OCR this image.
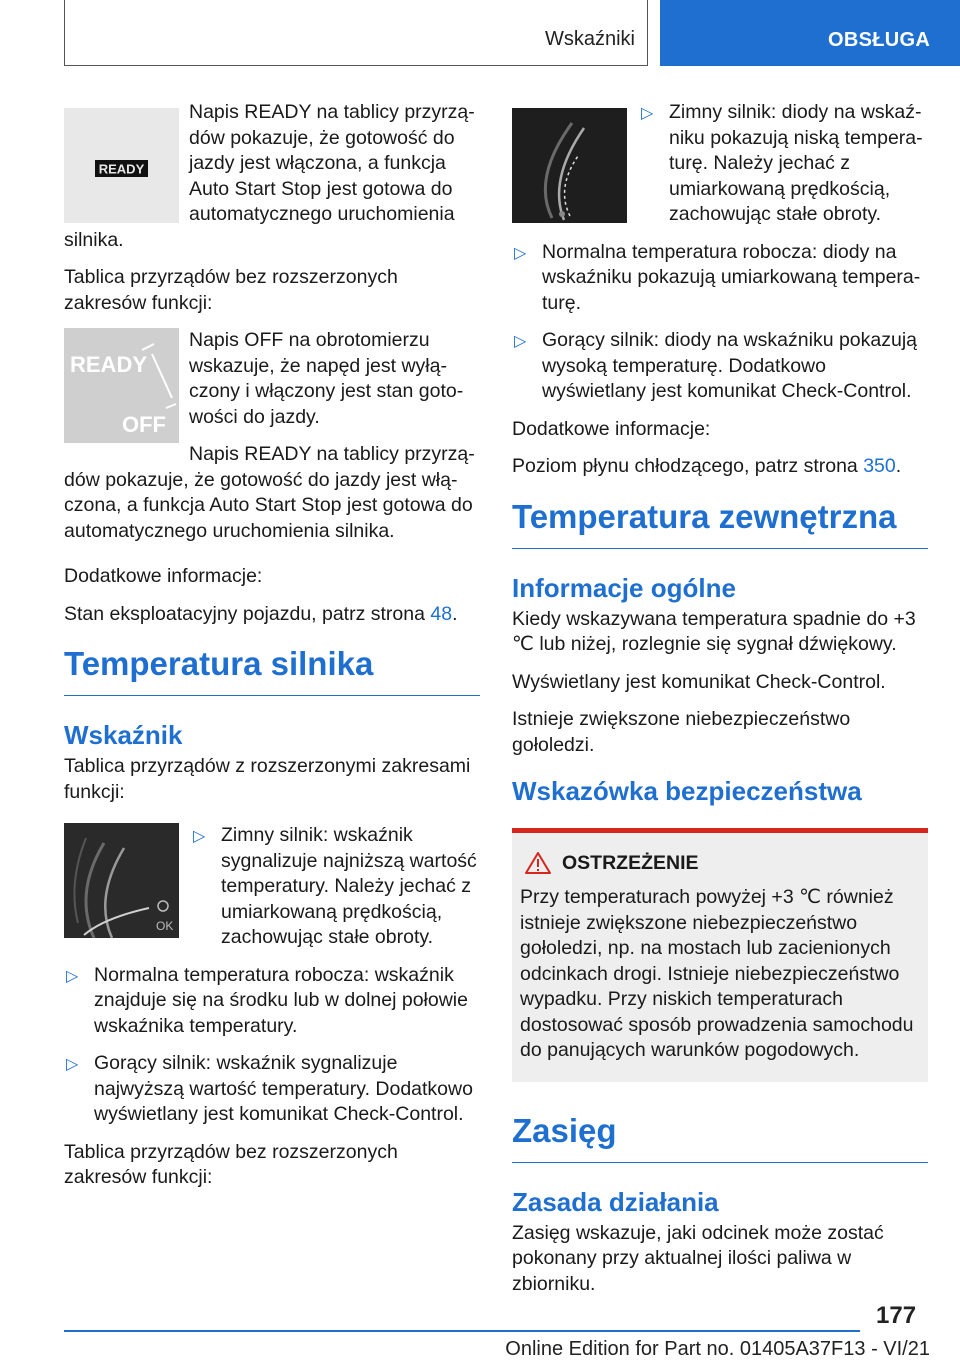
Wskaźniki	OBSŁUGA
READY

Napis READY na tablicy przyrządów pokazuje, że gotowość do jazdy jest włączona, a funkcja Auto Start Stop jest gotowa do automatycznego uruchomienia silnika.

Tablica przyrządów bez rozszerzonych zakresów funkcji:

READY
OFF

Napis OFF na obrotomierzu wskazuje, że napęd jest wyłączony i włączony jest stan gotowości do jazdy.

Napis READY na tablicy przyrządów pokazuje, że gotowość do jazdy jest włączona, a funkcja Auto Start Stop jest gotowa do automatycznego uruchomienia silnika.

Dodatkowe informacje:

Stan eksploatacyjny pojazdu, patrz strona 48.

Temperatura silnika
Wskaźnik

Tablica przyrządów z rozszerzonymi zakresami funkcji:

OK
▷ Zimny silnik: wskaźnik sygnalizuje najniższą wartość temperatury. Należy jechać z umiarkowaną prędkością, zachowując stałe obroty.
▷ Normalna temperatura robocza: wskaźnik znajduje się na środku lub w dolnej połowie wskaźnika temperatury.
▷ Gorący silnik: wskaźnik sygnalizuje najwyższą wartość temperatury. Dodatkowo wyświetlany jest komunikat Check-Control.

Tablica przyrządów bez rozszerzonych zakresów funkcji:

▷ Zimny silnik: diody na wskaźniku pokazują niską temperaturę. Należy jechać z umiarkowaną prędkością, zachowując stałe obroty.
▷ Normalna temperatura robocza: diody na wskaźniku pokazują umiarkowaną temperaturę.
▷ Gorący silnik: diody na wskaźniku pokazują wysoką temperaturę. Dodatkowo wyświetlany jest komunikat Check-Control.

Dodatkowe informacje:

Poziom płynu chłodzącego, patrz strona 350.

Temperatura zewnętrzna
Informacje ogólne

Kiedy wskazywana temperatura spadnie do +3 ℃ lub niżej, rozlegnie się sygnał dźwiękowy.

Wyświetlany jest komunikat Check-Control.

Istnieje zwiększone niebezpieczeństwo gołoledzi.

Wskazówka bezpieczeństwa
OSTRZEŻENIE

Przy temperaturach powyżej +3 ℃ również istnieje zwiększone niebezpieczeństwo gołoledzi, np. na mostach lub zacienionych odcinkach drogi. Istnieje niebezpieczeństwo wypadku. Przy niskich temperaturach dostosować sposób prowadzenia samochodu do panujących warunków pogodowych.

Zasięg
Zasada działania

Zasięg wskazuje, jaki odcinek może zostać pokonany przy aktualnej ilości paliwa w zbiorniku.

177
Online Edition for Part no. 01405A37F13 - VI/21
